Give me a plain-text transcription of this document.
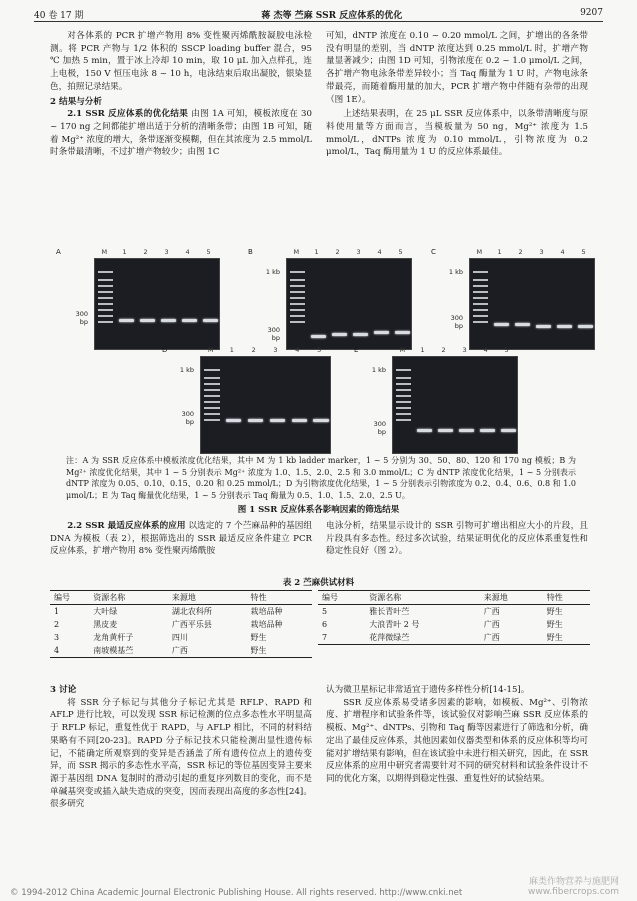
40 卷 17 期	蒋 杰等 苎麻 SSR 反应体系的优化	9207

对各体系的 PCR 扩增产物用 8% 变性聚丙烯酰胺凝胶电泳检测。将 PCR 产物与 1/2 体积的 SSCP loading buffer 混合，95 ℃ 加热 5 min，置于冰上冷却 10 min，取 10 μL 加入点样孔，连上电极，150 V 恒压电泳 8 ~ 10 h，电泳结束后取出凝胶，银染显色，拍照记录结果。

2 结果与分析

2.1 SSR 反应体系的优化结果 由图 1A 可知，模板浓度在 30 ~ 170 ng 之间都能扩增出适于分析的清晰条带；由图 1B 可知，随着 Mg²⁺ 浓度的增大，条带逐渐变模糊，但在其浓度为 2.5 mmol/L 时条带最清晰，不过扩增产物较少；由图 1C

可知，dNTP 浓度在 0.10 ~ 0.20 mmol/L 之间，扩增出的各条带没有明显的差别，当 dNTP 浓度达到 0.25 mmol/L 时，扩增产物量显著减少；由图 1D 可知，引物浓度在 0.2 ~ 1.0 μmol/L 之间，各扩增产物电泳条带差异较小；当 Taq 酶量为 1 U 时，产物电泳条带最亮，而随着酶用量的加大，PCR 扩增产物中伴随有杂带的出现（图 1E）。

上述结果表明，在 25 μL SSR 反应体系中，以条带清晰度与原料使用量等方面而言，当模板量为 50 ng，Mg²⁺ 浓度为 1.5 mmol/L，dNTPs 浓度为 0.10 mmol/L，引物浓度为 0.2 μmol/L，Taq 酶用量为 1 U 的反应体系最佳。

A	M 1	2	3	4	5
300 bp
B	M 1	2	3	4	5
1 kb
300 bp
C	M 1	2	3	4	5
1 kb
300 bp
D	M 1	2	3	4	5
1 kb
300 bp
E	M 1	2	3	4	5
1 kb
300 bp
注：A 为 SSR 反应体系中模板浓度优化结果，其中 M 为 1 kb ladder marker，1 ~ 5 分别为 30、50、80、120 和 170 ng 模板；B 为 Mg²⁺ 浓度优化结果，其中 1 ~ 5 分别表示 Mg²⁺ 浓度为 1.0、1.5、2.0、2.5 和 3.0 mmol/L；C 为 dNTP 浓度优化结果，1 ~ 5 分别表示 dNTP 浓度为 0.05、0.10、0.15、0.20 和 0.25 mmol/L；D 为引物浓度优化结果，1 ~ 5 分别表示引物浓度为 0.2、0.4、0.6、0.8 和 1.0 μmol/L；E 为 Taq 酶量优化结果，1 ~ 5 分别表示 Taq 酶量为 0.5、1.0、1.5、2.0、2.5 U。
图 1 SSR 反应体系各影响因素的筛选结果

2.2 SSR 最适反应体系的应用 以选定的 7 个苎麻品种的基因组 DNA 为模板（表 2），根据筛选出的 SSR 最适反应条件建立 PCR 反应体系，扩增产物用 8% 变性聚丙烯酰胺

电泳分析，结果显示设计的 SSR 引物可扩增出相应大小的片段，且片段具有多态性。经过多次试验，结果证明优化的反应体系重复性和稳定性良好（图 2）。

表 2 苎麻供试材料
编号	资源名称	来源地	特性
1	大叶绿	湖北农科所	栽培品种
2	黑皮麦	广西平乐县	栽培品种
3	龙角黄杆子	四川	野生
4	南坡模基苎	广西	野生
编号	资源名称	来源地	特性
5	雅长青叶苎	广西	野生
6	大浪青叶 2 号	广西	野生
7	花萍微绿苎	广西	野生

3 讨论

将 SSR 分子标记与其他分子标记尤其是 RFLP、RAPD 和 AFLP 进行比较，可以发现 SSR 标记检测的位点多态性水平明显高于 RFLP 标记，重复性优于 RAPD，与 AFLP 相比，不同的材料结果略有不同[20-23]。RAPD 分子标记技术只能检测出显性遗传标记，不能确定所观察到的变异是否涵盖了所有遗传位点上的遗传变异，而 SSR 揭示的多态性水平高，SSR 标记的等位基因变异主要来源于基因组 DNA 复制时的滑动引起的重复序列数目的变化，而不是单碱基突变或插入缺失造成的突变，因而表现出高度的多态性[24]。很多研究

认为微卫星标记非常适宜于遗传多样性分析[14-15]。

SSR 反应体系易受诸多因素的影响，如模板、Mg²⁺、引物浓度、扩增程序和试验条件等，该试验仅对影响苎麻 SSR 反应体系的模板、Mg²⁺、dNTPs、引物和 Taq 酶等因素进行了筛选和分析，确定出了最佳反应体系，其他因素如仪器类型和体系的反应体积等均可能对扩增结果有影响，但在该试验中未进行相关研究，因此，在 SSR 反应体系的应用中研究者需要针对不同的研究材料和试验条件设计不同的优化方案，以期得到稳定性强、重复性好的试验结果。

© 1994-2012 China Academic Journal Electronic Publishing House. All rights reserved. http://www.cnki.net
麻类作物营养与施肥网
www.fibercrops.com
